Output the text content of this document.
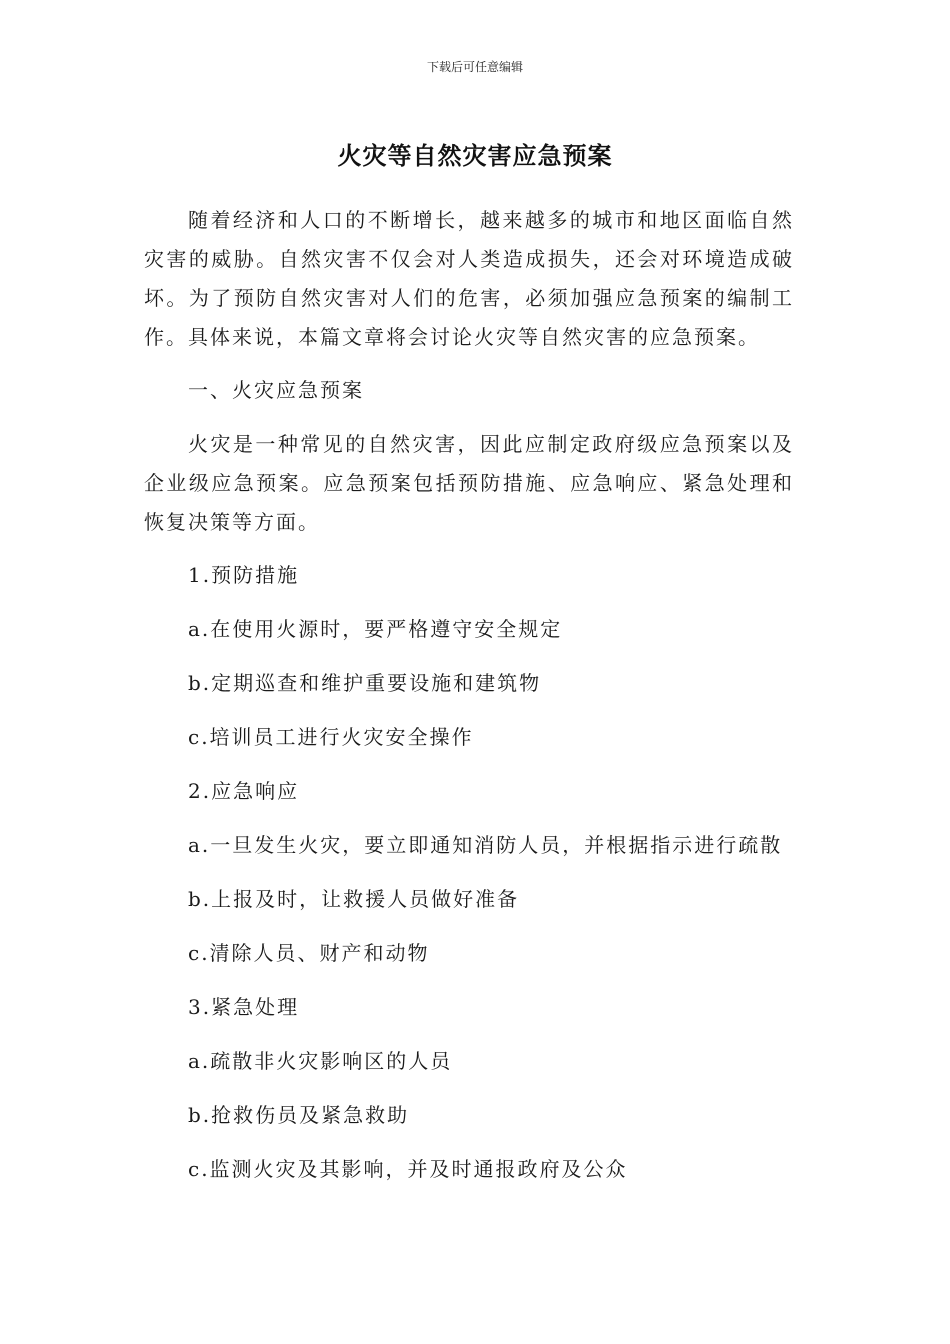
下载后可任意编辑
火灾等自然灾害应急预案

随着经济和人口的不断增长，越来越多的城市和地区面临自然灾害的威胁。自然灾害不仅会对人类造成损失，还会对环境造成破坏。为了预防自然灾害对人们的危害，必须加强应急预案的编制工作。具体来说，本篇文章将会讨论火灾等自然灾害的应急预案。

一、火灾应急预案

火灾是一种常见的自然灾害，因此应制定政府级应急预案以及企业级应急预案。应急预案包括预防措施、应急响应、紧急处理和恢复决策等方面。

1.预防措施
a.在使用火源时，要严格遵守安全规定
b.定期巡查和维护重要设施和建筑物
c.培训员工进行火灾安全操作
2.应急响应
a.一旦发生火灾，要立即通知消防人员，并根据指示进行疏散
b.上报及时，让救援人员做好准备
c.清除人员、财产和动物
3.紧急处理
a.疏散非火灾影响区的人员
b.抢救伤员及紧急救助
c.监测火灾及其影响，并及时通报政府及公众
